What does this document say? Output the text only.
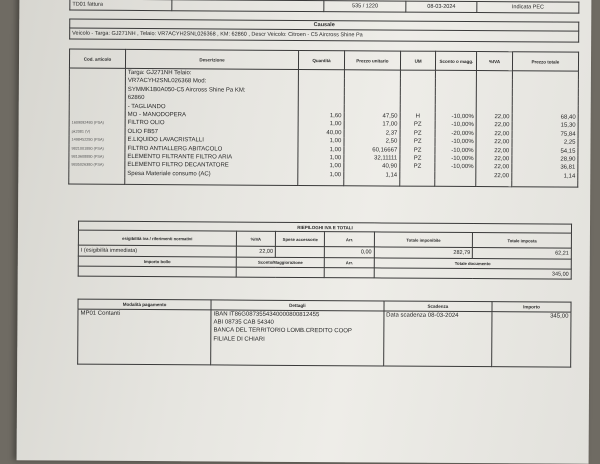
TD01 fattura		535 / 1220	08-03-2024	Indicata PEC
Causale
Veicolo - Targa: GJ271NH , Telaio: VR7ACYH2SNL026368 , KM: 62860 , Descr Veicolo: Citroen - C5 Aircross Shine Pa
Cod. articolo	Descrizione	Quantità	Prezzo unitario	UM	Sconto o magg.	%IVA	Prezzo totale
	Targa: GJ271NH Telaio:						
	VR7ACYH2SNL026368 Mod:						
	SYMMK1B0A050-C5 Aircross Shine Pa KM:						
	62860						
	- TAGLIANDO						
	MO - MANODOPERA	1,60	47,50	H	-10,00%	22,00	68,40
1609092480 (PSA)	FILTRO OLIO	1,00	17,00	PZ	-10,00%	22,00	15,30
pk2081 (V)	OLIO FB57	40,00	2,37	PZ	-20,00%	22,00	75,84
1498452280 (PSA)	E.LIQUIDO LAVACRISTALLI	1,00	2,50	PZ	-10,00%	22,00	2,25
9821001880 (PSA)	FILTRO ANTIALLERG ABITACOLO	1,00	60,16667	PZ	-10,00%	22,00	54,15
9813608880 (PSA)	ELEMENTO FILTRANTE FILTRO ARIA	1,00	32,11111	PZ	-10,00%	22,00	28,90
9835026380 (PSA)	ELEMENTO FILTRO DECANTATORE	1,00	40,90	PZ	-10,00%	22,00	36,81
	Spesa Materiale consumo (AC)	1,00	1,14			22,00	1,14

RIEPILOGHI IVA E TOTALI					
esigibilità iva / riferimenti normativi	%IVA	Spese accessorie	Arr.	Totale imponibile	Totale imposta
I (esigibilità immediata)	22,00		0,00	282,79	62,21
Importo bollo	Sconto/Maggiorazione		Arr.	Totale documento	
				345,00	
Modalità pagamento	Dettagli	Scadenza	Importo
MP01 Contanti	IBAN IT86G0873554340000800812455
ABI 08735 CAB 54340
BANCA DEL TERRITORIO LOMB.CREDITO COOP
FILIALE DI CHIARI	Data scadenza 08-03-2024	345,00
